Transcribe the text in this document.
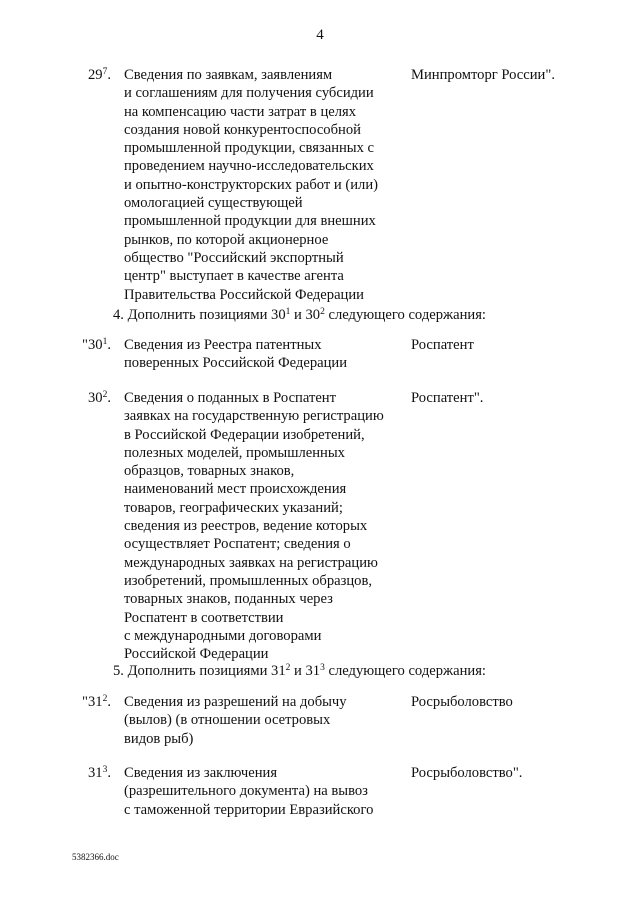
4
$29^7$. Сведения по заявкам, заявлениям
и соглашениям для получения субсидии
на компенсацию части затрат в целях
создания новой конкурентоспособной
промышленной продукции, связанных с
проведением научно-исследовательских
и опытно-конструкторских работ и (или)
омологацией существующей
промышленной продукции для внешних
рынков, по которой акционерное
общество "Российский экспортный
центр" выступает в качестве агента
Правительства Российской Федерации
Минпромторг России".
4. Дополнить позициями $30^1$ и $30^2$ следующего содержания:
"$30^1$. Сведения из Реестра патентных
поверенных Российской Федерации
Роспатент
$30^2$. Сведения о поданных в Роспатент
заявках на государственную регистрацию
в Российской Федерации изобретений,
полезных моделей, промышленных
образцов, товарных знаков,
наименований мест происхождения
товаров, географических указаний;
сведения из реестров, ведение которых
осуществляет Роспатент; сведения о
международных заявках на регистрацию
изобретений, промышленных образцов,
товарных знаков, поданных через
Роспатент в соответствии
с международными договорами
Российской Федерации
Роспатент".
5. Дополнить позициями $31^2$ и $31^3$ следующего содержания:
"$31^2$. Сведения из разрешений на добычу
(вылов) (в отношении осетровых
видов рыб)
Росрыболовство
$31^3$. Сведения из заключения
(разрешительного документа) на вывоз
с таможенной территории Евразийского
Росрыболовство".
5382366.doc
